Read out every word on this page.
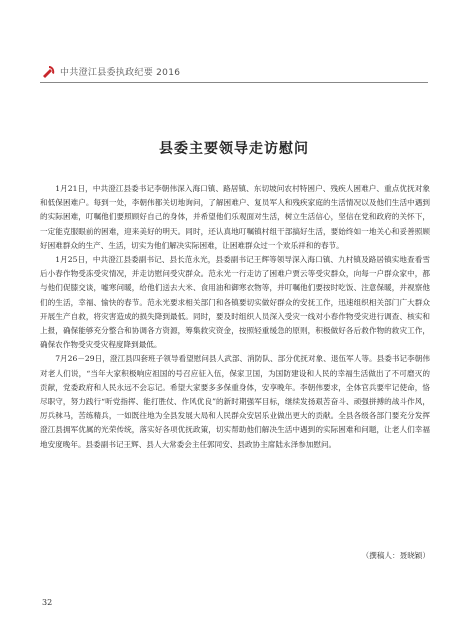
中共澄江县委执政纪要 2016
县委主要领导走访慰问

1月21日，中共澄江县委书记李朝伟深入海口镇、路居镇、东切坡问农村特困户、残疾人困难户、重点优抚对象和低保困难户。每到一处，李朝伟都关切地询问，了解困难户、复员军人和残疾家庭的生活情况以及他们生活中遇到的实际困难，叮嘱他们要照顾好自己的身体，并希望他们乐观面对生活，树立生活信心，坚信在党和政府的关怀下，一定能克服眼前的困难，迎来美好的明天。同时，还认真地叮嘱镇村组干部搞好生活，要始终如一地关心和妥善照顾好困难群众的生产、生活，切实为他们解决实际困难，让困难群众过一个欢乐祥和的春节。

1月25日，中共澄江县委副书记、县长范永光，县委副书记王辉等领导深入海口镇、九村镇及路居镇实地查看雪后小春作物受冻受灾情况，并走访慰问受灾群众。范永光一行走访了困难户贾云等受灾群众，向每一户群众家中，都与他们促膝交谈，嘘寒问暖，给他们送去大米、食用油和御寒衣物等，并叮嘱他们要按时吃饭、注意保暖，并视察他们的生活，幸福、愉快的春节。范永光要求相关部门和各镇要切实做好群众的安抚工作，迅速组织相关部门广大群众开展生产自救，将灾害造成的损失降到最低。同时，要及时组织人员深入受灾一线对小春作物受灾进行调查、核实和上报，确保能够充分整合和协调各方资源，筹集救灾资金，按照轻重缓急的原则，积极做好各后救作物的救灾工作，确保农作物受灾受灾程度降到最低。

7月26－29日，澄江县四套班子领导看望慰问县人武部、消防队、部分优抚对象、退伍军人等。县委书记李朝伟对老人们说，“当年大家积极响应祖国的号召应征入伍，保家卫国，为国防建设和人民的幸福生活做出了不可磨灭的贡献，党委政府和人民永远不会忘记。希望大家要多多保重身体，安享晚年。李朝伟要求，全体官兵要牢记使命，恪尽职守，努力践行“听党指挥、能打胜仗、作风优良”的新时期强军目标，继续发扬艰苦奋斗、顽强拼搏的战斗作风，厉兵秣马，苦练精兵，一如既往地为全县发展大局和人民群众安居乐业做出更大的贡献。全县各级各部门要充分发挥澄江县拥军优属的光荣传统，落实好各项优抚政策，切实帮助他们解决生活中遇到的实际困难和问题，让老人们幸福地安度晚年。县委副书记王辉、县人大常委会主任郭同安、县政协主席陆永泽参加慰问。

（撰稿人：聂晓颖）
32
